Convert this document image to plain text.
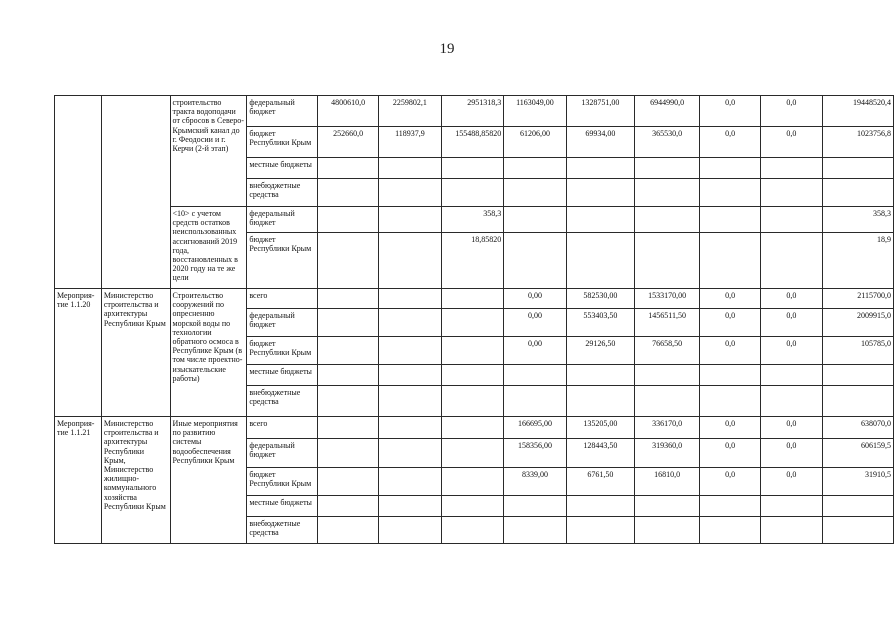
19
		строительство тракта водоподачи от сбросов в Северо-Крымский канал до г. Феодосии и г. Керчи (2-й этап)	федеральный бюджет	4800610,0	2259802,1	2951318,3	1163049,00	1328751,00	6944990,0	0,0	0,0	19448520,4
			бюджет Республики Крым	252660,0	118937,9	155488,85820	61206,00	69934,00	365530,0	0,0	0,0	1023756,8
			местные бюджеты									
			внебюджетные средства									
		<10> с учетом средств остатков неиспользованных ассигнований 2019 года, восстановленных в 2020 году на те же цели	федеральный бюджет			358,3						358,3
			бюджет Республики Крым			18,85820						18,9
Мероприя-тие 1.1.20	Министерство строительства и архитектуры Республики Крым	Строительство сооружений по опресненню морской воды по технологии обратного осмоса в Республике Крым (в том числе проектно-изыскательские работы)	всего				0,00	582530,00	1533170,00	0,0	0,0	2115700,0
			федеральный бюджет				0,00	553403,50	1456511,50	0,0	0,0	2009915,0
			бюджет Республики Крым				0,00	29126,50	76658,50	0,0	0,0	105785,0
			местные бюджеты									
			внебюджетные средства									
Мероприя-тие 1.1.21	Министерство строительства и архитектуры Республики Крым, Министерство жилищно-коммунального хозяйства Республики Крым	Иные мероприятия по развитию системы водообеспечения Республики Крым	всего				166695,00	135205,00	336170,0	0,0	0,0	638070,0
			федеральный бюджет				158356,00	128443,50	319360,0	0,0	0,0	606159,5
			бюджет Республики Крым				8339,00	6761,50	16810,0	0,0	0,0	31910,5
			местные бюджеты									
			внебюджетные средства									
